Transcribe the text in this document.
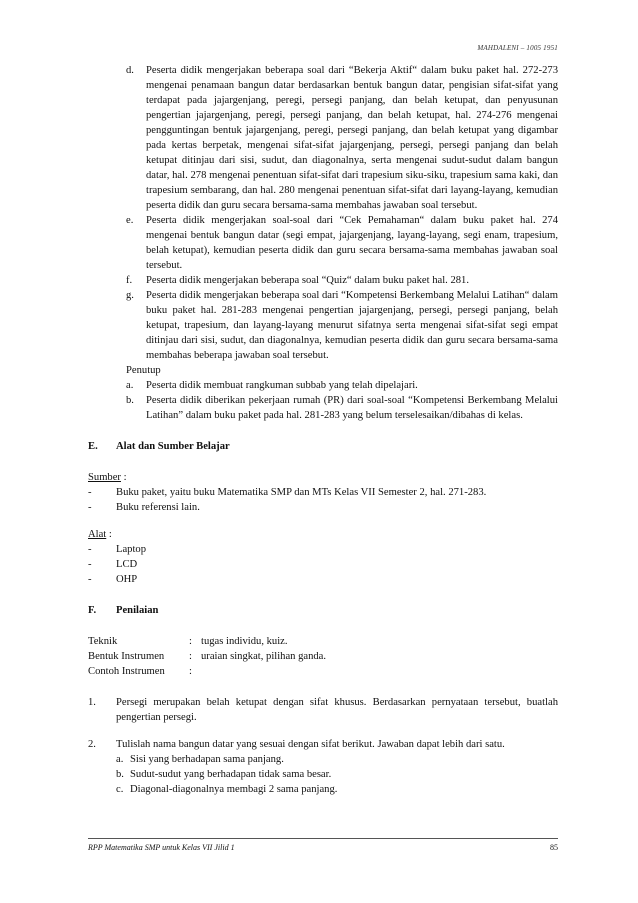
MAHDALENI – 1005 1951
d. Peserta didik mengerjakan beberapa soal dari “Bekerja Aktif“ dalam buku paket hal. 272-273 mengenai penamaan bangun datar berdasarkan bentuk bangun datar, pengisian sifat-sifat yang terdapat pada jajargenjang, peregi, persegi panjang, dan belah ketupat, dan penyusunan pengertian jajargenjang, peregi, persegi panjang, dan belah ketupat, hal. 274-276 mengenai pengguntingan bentuk jajargenjang, peregi, persegi panjang, dan belah ketupat yang digambar pada kertas berpetak, mengenai sifat-sifat jajargenjang, persegi, persegi panjang dan belah ketupat ditinjau dari sisi, sudut, dan diagonalnya, serta mengenai sudut-sudut dalam bangun datar, hal. 278 mengenai penentuan sifat-sifat dari trapesium siku-siku, trapesium sama kaki, dan trapesium sembarang, dan hal. 280 mengenai penentuan sifat-sifat dari layang-layang, kemudian peserta didik dan guru secara bersama-sama membahas jawaban soal tersebut.
e. Peserta didik mengerjakan soal-soal dari “Cek Pemahaman“ dalam buku paket hal. 274 mengenai bentuk bangun datar (segi empat, jajargenjang, layang-layang, segi enam, trapesium, belah ketupat), kemudian peserta didik dan guru secara bersama-sama membahas jawaban soal tersebut.
f. Peserta didik mengerjakan beberapa soal “Quiz“ dalam buku paket hal. 281.
g. Peserta didik mengerjakan beberapa soal dari “Kompetensi Berkembang Melalui Latihan“ dalam buku paket hal. 281-283 mengenai pengertian jajargenjang, persegi, persegi panjang, belah ketupat, trapesium, dan layang-layang menurut sifatnya serta mengenai sifat-sifat segi empat ditinjau dari sisi, sudut, dan diagonalnya, kemudian peserta didik dan guru secara bersama-sama membahas beberapa jawaban soal tersebut.
Penutup
a. Peserta didik membuat rangkuman subbab yang telah dipelajari.
b. Peserta didik diberikan pekerjaan rumah (PR) dari soal-soal “Kompetensi Berkembang Melalui Latihan” dalam buku paket pada hal. 281-283 yang belum terselesaikan/dibahas di kelas.
E. Alat dan Sumber Belajar
Sumber :
- Buku paket, yaitu buku Matematika SMP dan MTs Kelas VII Semester 2, hal. 271-283.
- Buku referensi lain.
Alat :
- Laptop
- LCD
- OHP
F. Penilaian
Teknik	: tugas individu, kuiz.
Bentuk Instrumen : uraian singkat, pilihan ganda.
Contoh Instrumen :
1. Persegi merupakan belah ketupat dengan sifat khusus. Berdasarkan pernyataan tersebut, buatlah pengertian persegi.
2. Tulislah nama bangun datar yang sesuai dengan sifat berikut. Jawaban dapat lebih dari satu.
a. Sisi yang berhadapan sama panjang.
b. Sudut-sudut yang berhadapan tidak sama besar.
c. Diagonal-diagonalnya membagi 2 sama panjang.
RPP Matematika SMP untuk Kelas VII Jilid 1	85
